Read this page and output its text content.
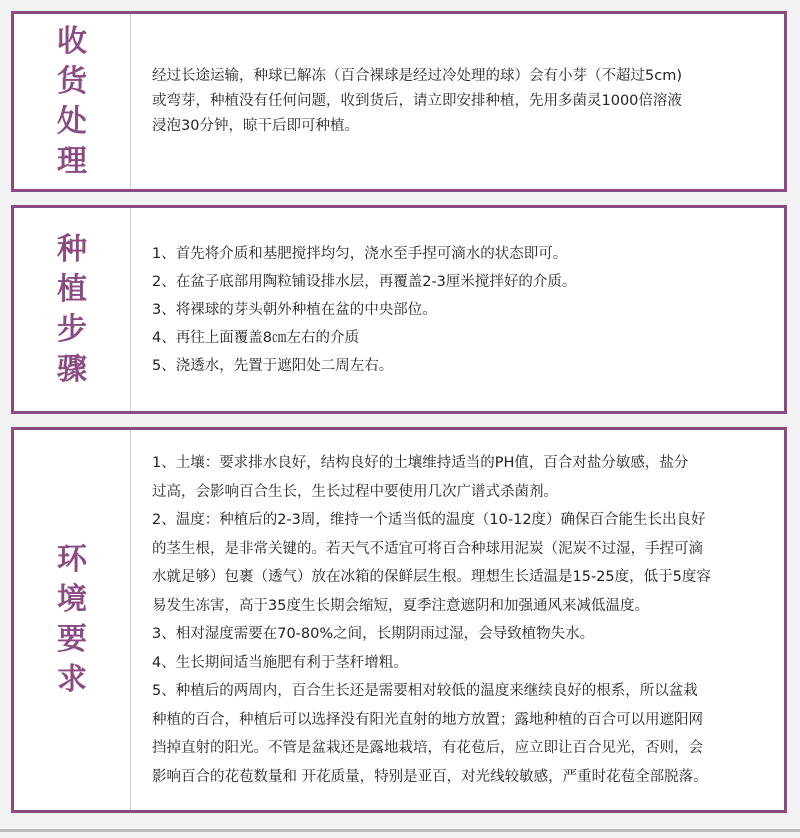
收
货
处
理
经过长途运输，种球已解冻（百合裸球是经过冷处理的球）会有小芽（不超过5cm)
或弯芽，种植没有任何问题，收到货后，请立即安排种植，先用多菌灵1000倍溶液
浸泡30分钟，晾干后即可种植。
种
植
步
骤
1、首先将介质和基肥搅拌均匀，浇水至手捏可滴水的状态即可。
2、在盆子底部用陶粒铺设排水层，再覆盖2-3厘米搅拌好的介质。
3、将裸球的芽头朝外种植在盆的中央部位。
4、再往上面覆盖8㎝左右的介质
5、浇透水，先置于遮阳处二周左右。
环
境
要
求
1、土壤：要求排水良好，结构良好的土壤维持适当的PH值，百合对盐分敏感，盐分
过高，会影响百合生长，生长过程中要使用几次广谱式杀菌剂。
2、温度：种植后的2-3周，维持一个适当低的温度（10-12度）确保百合能生长出良好
的茎生根，是非常关键的。若天气不适宜可将百合种球用泥炭（泥炭不过湿，手捏可滴
水就足够）包裹（透气）放在冰箱的保鲜层生根。理想生长适温是15-25度，低于5度容
易发生冻害，高于35度生长期会缩短，夏季注意遮阴和加强通风来减低温度。
3、相对湿度需要在70-80%之间，长期阴雨过湿，会导致植物失水。
4、生长期间适当施肥有利于茎秆增粗。
5、种植后的两周内，百合生长还是需要相对较低的温度来继续良好的根系，所以盆栽
种植的百合，种植后可以选择没有阳光直射的地方放置；露地种植的百合可以用遮阳网
挡掉直射的阳光。不管是盆栽还是露地栽培，有花苞后，应立即让百合见光，否则，会
影响百合的花苞数量和 开花质量，特别是亚百，对光线较敏感，严重时花苞全部脱落。
